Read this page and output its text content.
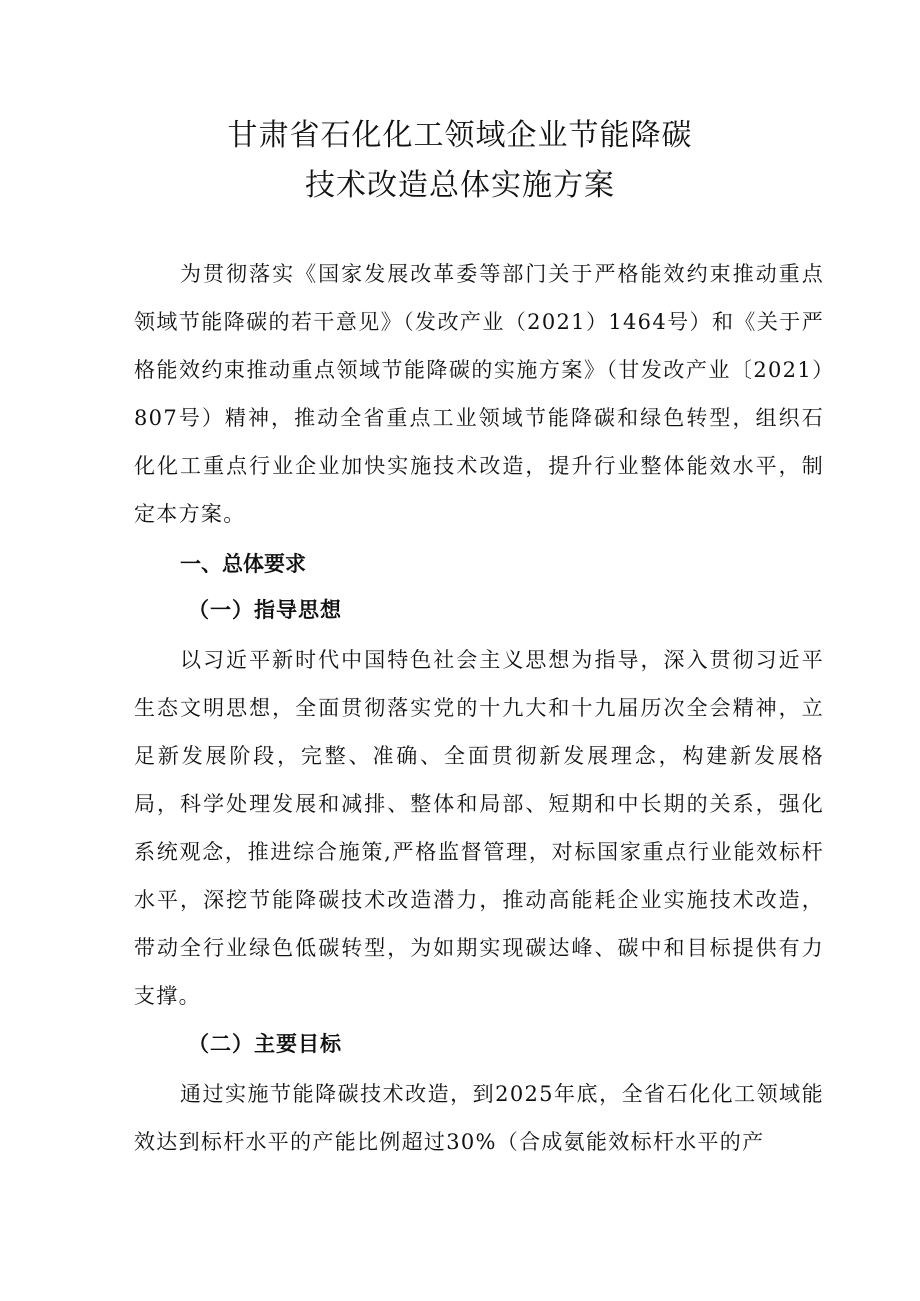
甘肃省石化化工领域企业节能降碳
技术改造总体实施方案

为贯彻落实《国家发展改革委等部门关于严格能效约束推动重点领域节能降碳的若干意见》（发改产业（2021）1464号）和《关于严格能效约束推动重点领域节能降碳的实施方案》（甘发改产业〔2021）807号）精神，推动全省重点工业领域节能降碳和绿色转型，组织石化化工重点行业企业加快实施技术改造，提升行业整体能效水平，制定本方案。

一、总体要求
（一）指导思想

以习近平新时代中国特色社会主义思想为指导，深入贯彻习近平生态文明思想，全面贯彻落实党的十九大和十九届历次全会精神，立足新发展阶段，完整、准确、全面贯彻新发展理念，构建新发展格局，科学处理发展和减排、整体和局部、短期和中长期的关系，强化系统观念，推进综合施策,严格监督管理，对标国家重点行业能效标杆水平，深挖节能降碳技术改造潜力，推动高能耗企业实施技术改造，带动全行业绿色低碳转型，为如期实现碳达峰、碳中和目标提供有力支撑。

（二）主要目标

通过实施节能降碳技术改造，到2025年底，全省石化化工领域能效达到标杆水平的产能比例超过30%（合成氨能效标杆水平的产
